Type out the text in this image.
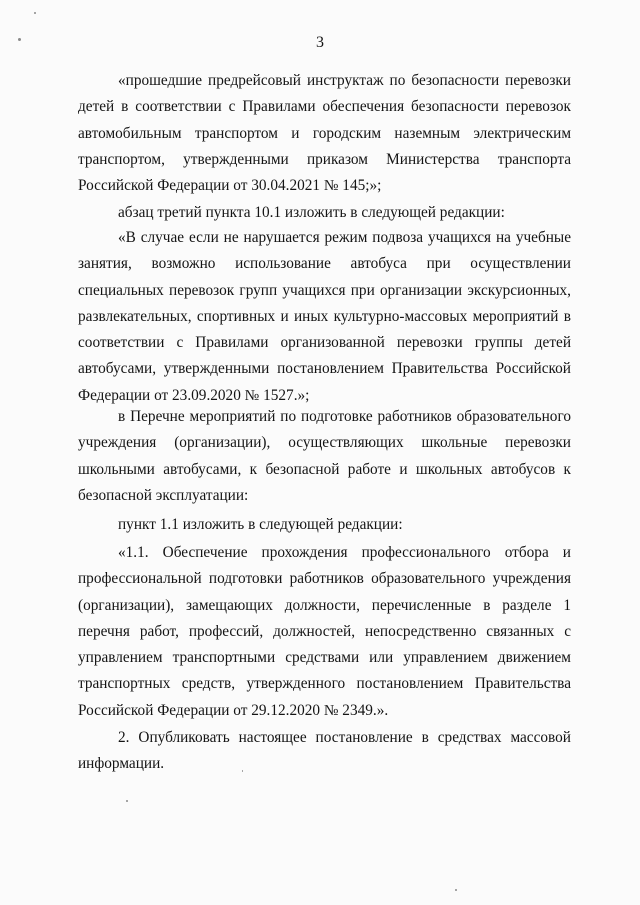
3

«прошедшие предрейсовый инструктаж по безопасности перевозки детей в соответствии с Правилами обеспечения безопасности перевозок автомобильным транспортом и городским наземным электрическим транспортом, утвержденными приказом Министерства транспорта Российской Федерации от 30.04.2021 № 145;»;

абзац третий пункта 10.1 изложить в следующей редакции:

«В случае если не нарушается режим подвоза учащихся на учебные занятия, возможно использование автобуса при осуществлении специальных перевозок групп учащихся при организации экскурсионных, развлекательных, спортивных и иных культурно-массовых мероприятий в соответствии с Правилами организованной перевозки группы детей автобусами, утвержденными постановлением Правительства Российской Федерации от 23.09.2020 № 1527.»;

в Перечне мероприятий по подготовке работников образовательного учреждения (организации), осуществляющих школьные перевозки школьными автобусами, к безопасной работе и школьных автобусов к безопасной эксплуатации:

пункт 1.1 изложить в следующей редакции:

«1.1. Обеспечение прохождения профессионального отбора и профессиональной подготовки работников образовательного учреждения (организации), замещающих должности, перечисленные в разделе 1 перечня работ, профессий, должностей, непосредственно связанных с управлением транспортными средствами или управлением движением транспортных средств, утвержденного постановлением Правительства Российской Федерации от 29.12.2020 № 2349.».

2. Опубликовать настоящее постановление в средствах массовой информации.
